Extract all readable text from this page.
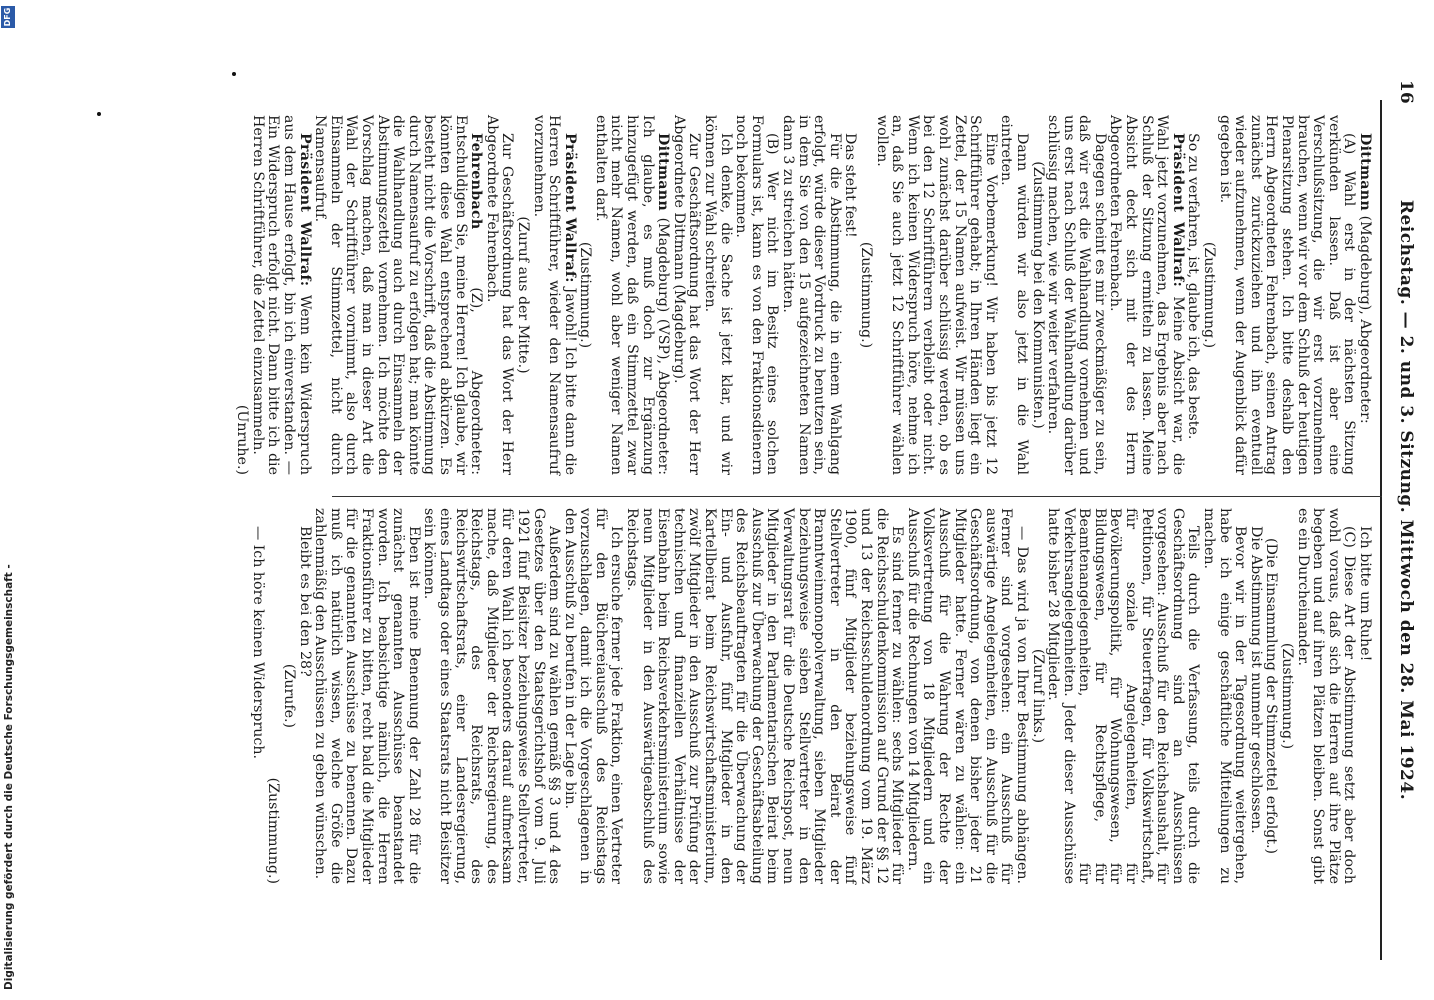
16
Reichstag. — 2. und 3. Sitzung. Mittwoch den 28. Mai 1924.

Dittmann (Magdeburg), Abgeordneter:

(A) Wahl erst in der nächsten Sitzung verkünden lassen. Daß ist aber eine Verschlußsitzung, die wir erst vorzunehmen brauchen, wenn wir vor dem Schluß der heutigen Plenarsitzung stehen. Ich bitte deshalb den Herrn Abgeordneten Fehrenbach, seinen Antrag zunächst zurückzuziehen und ihn eventuell wieder aufzunehmen, wenn der Augenblick dafür gegeben ist.

(Zustimmung.)

So zu verfahren, ist, glaube ich, das beste.

Präsident Wallraf: Meine Absicht war, die Wahl jetzt vorzunehmen, das Ergebnis aber nach Schluß der Sitzung ermitteln zu lassen. Meine Absicht deckt sich mit der des Herrn Abgeordneten Fehrenbach.

Dagegen scheint es mir zweckmäßiger zu sein, daß wir erst die Wahlhandlung vornehmen und uns erst nach Schluß der Wahlhandlung darüber schlüssig machen, wie wir weiter verfahren.

(Zustimmung bei den Kommunisten.)

Dann würden wir also jetzt in die Wahl eintreten.

Eine Vorbemerkung! Wir haben bis jetzt 12 Schriftführer gehabt; in Ihren Händen liegt ein Zettel, der 15 Namen aufweist. Wir müssen uns wohl zunächst darüber schlüssig werden, ob es bei den 12 Schriftführern verbleibt oder nicht. Wenn ich keinen Widerspruch höre, nehme ich an, daß Sie auch jetzt 12 Schriftführer wählen wollen.

(Zustimmung.)

Das steht fest!

Für die Abstimmung, die in einem Wahlgang erfolgt, würde dieser Vordruck zu benutzen sein, in dem Sie von den 15 aufgezeichneten Namen dann 3 zu streichen hätten.

(B) Wer nicht im Besitz eines solchen Formulars ist, kann es von den Fraktionsdienern noch bekommen.

Ich denke, die Sache ist jetzt klar, und wir können zur Wahl schreiten.

Zur Geschäftsordnung hat das Wort der Herr Abgeordnete Dittmann (Magdeburg).

Dittmann (Magdeburg) (VSP), Abgeordneter: Ich glaube, es muß doch zur Ergänzung hinzugefügt werden, daß ein Stimmzettel zwar nicht mehr Namen, wohl aber weniger Namen enthalten darf.

(Zustimmung.)

Präsident Wallraf: Jawohl! Ich bitte dann die Herren Schriftführer, wieder den Namensaufruf vorzunehmen.

(Zuruf aus der Mitte.)

Zur Geschäftsordnung hat das Wort der Herr Abgeordnete Fehrenbach.

Fehrenbach (Z), Abgeordneter: Entschuldigen Sie, meine Herren! Ich glaube, wir könnten diese Wahl entsprechend abkürzen. Es besteht nicht die Vorschrift, daß die Abstimmung durch Namensaufruf zu erfolgen hat; man könnte die Wahlhandlung auch durch Einsammeln der Abstimmungszettel vornehmen. Ich möchte den Vorschlag machen, daß man in dieser Art die Wahl der Schriftführer vornimmt, also durch Einsammeln der Stimmzettel, nicht durch Namensaufruf.

Präsident Wallraf: Wenn kein Widerspruch aus dem Hause erfolgt, bin ich einverstanden. — Ein Widerspruch erfolgt nicht. Dann bitte ich die Herren Schriftführer, die Zettel einzusammeln.

(Unruhe.)

Ich bitte um Ruhe!

(C) Diese Art der Abstimmung setzt aber doch wohl voraus, daß sich die Herren auf ihre Plätze begeben und auf ihren Plätzen bleiben. Sonst gibt es ein Durcheinander.

(Zustimmung.)

(Die Einsammlung der Stimmzettel erfolgt.)

Die Abstimmung ist nunmehr geschlossen.

Bevor wir in der Tagesordnung weitergehen, habe ich einige geschäftliche Mitteilungen zu machen.

Teils durch die Verfassung, teils durch die Geschäftsordnung sind an Ausschüssen vorgesehen: Ausschuß für den Reichshaushalt, für Petitionen, für Steuerfragen, für Volkswirtschaft, für soziale Angelegenheiten, für Bevölkerungspolitik, für Wohnungswesen, für Bildungswesen, für Rechtspflege, für Beamtenangelegenheiten, für Verkehrsangelegenheiten. Jeder dieser Ausschüsse hatte bisher 28 Mitglieder.

(Zuruf links.)

— Das wird ja von Ihrer Bestimmung abhängen. Ferner sind vorgesehen: ein Ausschuß für auswärtige Angelegenheiten, ein Ausschuß für die Geschäftsordnung, von denen bisher jeder 21 Mitglieder hatte. Ferner wären zu wählen: ein Ausschuß für die Wahrung der Rechte der Volksvertretung von 18 Mitgliedern und ein Ausschuß für die Rechnungen von 14 Mitgliedern.

Es sind ferner zu wählen: sechs Mitglieder für die Reichsschuldenkommission auf Grund der §§ 12 und 13 der Reichsschuldenordnung vom 19. März 1900, fünf Mitglieder beziehungsweise fünf Stellvertreter in den Beirat der Branntweinmonopolverwaltung, sieben Mitglieder beziehungsweise sieben Stellvertreter in den Verwaltungsrat für die Deutsche Reichspost, neun Mitglieder in den Parlamentarischen Beirat beim Ausschuß zur Überwachung der Geschäftsabteilung des Reichsbeauftragten für die Überwachung der Ein- und Ausfuhr, fünf Mitglieder in den Kartellbeirat beim Reichswirtschaftsministerium, zwölf Mitglieder in den Ausschuß zur Prüfung der technischen und finanziellen Verhältnisse der Eisenbahn beim Reichsverkehrsministerium sowie neun Mitglieder in den Auswärtigeabschluß des Reichstags.

Ich ersuche ferner jede Fraktion, einen Vertreter für den Büchereiausschuß des Reichstags vorzuschlagen, damit ich die Vorgeschlagenen in den Ausschuß zu berufen in der Lage bin.

Außerdem sind zu wählen gemäß §§ 3 und 4 des Gesetzes über den Staatsgerichtshof vom 9. Juli 1921 fünf Beisitzer beziehungsweise Stellvertreter, für deren Wahl ich besonders darauf aufmerksam mache, daß Mitglieder der Reichsregierung, des Reichstags, des Reichsrats, des Reichswirtschaftsrats, einer Landesregierung, eines Landtags oder eines Staatsrats nicht Beisitzer sein können.

Eben ist meine Benennung der Zahl 28 für die zunächst genannten Ausschüsse beanstandet worden. Ich beabsichtige nämlich, die Herren Fraktionsführer zu bitten, recht bald die Mitglieder für die genannten Ausschüsse zu benennen. Dazu muß ich natürlich wissen, welche Größe die zahlenmäßig den Ausschüssen zu geben wünschen.

Bleibt es bei den 28?

(Zurufe.)

(Zustimmung.)

— Ich höre keinen Widerspruch.

Digitalisierung gefördert durch die Deutsche Forschungsgemeinschaft -
DFG
